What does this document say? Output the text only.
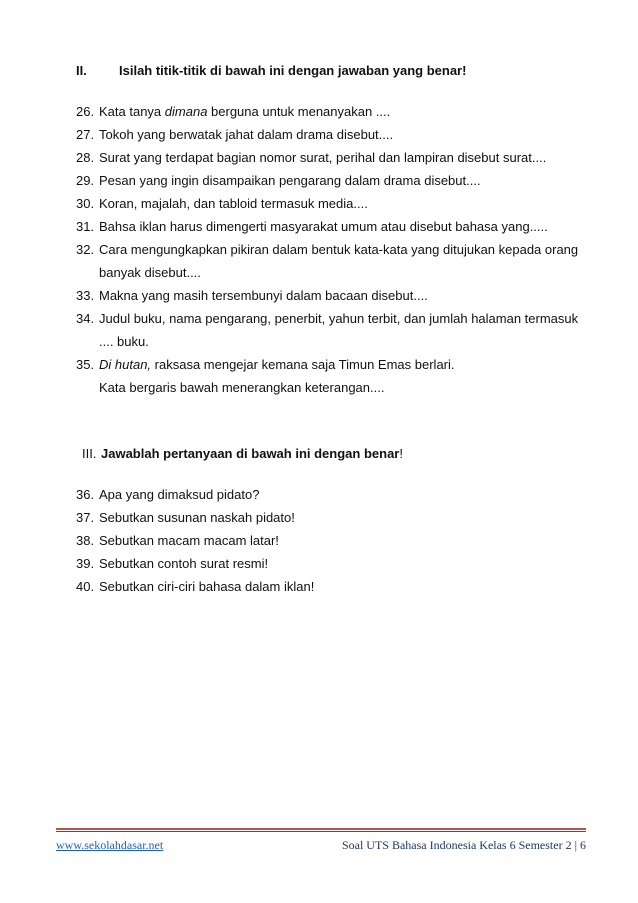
II. Isilah titik-titik di bawah ini dengan jawaban yang benar!
26. Kata tanya dimana berguna untuk menanyakan ....
27. Tokoh yang berwatak jahat dalam drama disebut....
28. Surat yang terdapat bagian nomor surat, perihal dan lampiran disebut surat....
29. Pesan yang ingin disampaikan pengarang dalam drama disebut....
30. Koran, majalah, dan tabloid termasuk media....
31. Bahsa iklan harus dimengerti masyarakat umum atau disebut bahasa yang.....
32. Cara mengungkapkan pikiran dalam bentuk kata-kata yang ditujukan kepada orang
banyak disebut....
33. Makna yang masih tersembunyi dalam bacaan disebut....
34. Judul buku, nama pengarang, penerbit, yahun terbit, dan jumlah halaman termasuk
.... buku.
35. Di hutan, raksasa mengejar kemana saja Timun Emas berlari.
Kata bergaris bawah menerangkan keterangan....
III. Jawablah pertanyaan di bawah ini dengan benar!
36. Apa yang dimaksud pidato?
37. Sebutkan susunan naskah pidato!
38. Sebutkan macam macam latar!
39. Sebutkan contoh surat resmi!
40. Sebutkan ciri-ciri bahasa dalam iklan!
www.sekolahdasar.net	Soal UTS Bahasa Indonesia Kelas 6 Semester 2 | 6
